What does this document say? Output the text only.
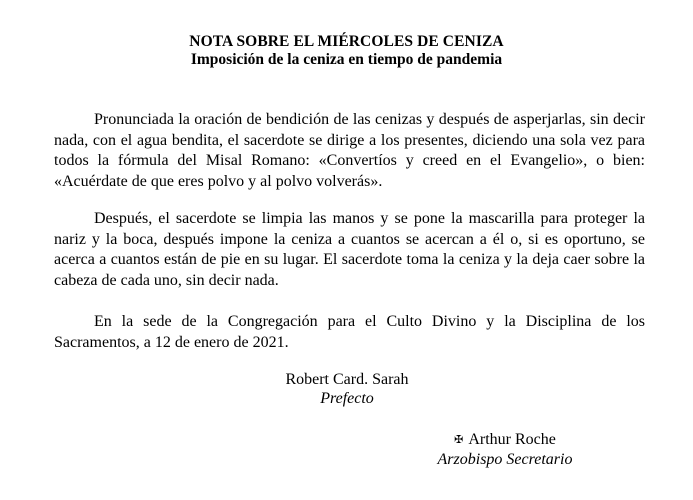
NOTA SOBRE EL MIÉRCOLES DE CENIZA
Imposición de la ceniza en tiempo de pandemia

Pronunciada la oración de bendición de las cenizas y después de asperjarlas, sin decir nada, con el agua bendita, el sacerdote se dirige a los presentes, diciendo una sola vez para todos la fórmula del Misal Romano: «Convertíos y creed en el Evangelio», o bien: «Acuérdate de que eres polvo y al polvo volverás».

Después, el sacerdote se limpia las manos y se pone la mascarilla para proteger la nariz y la boca, después impone la ceniza a cuantos se acercan a él o, si es oportuno, se acerca a cuantos están de pie en su lugar. El sacerdote toma la ceniza y la deja caer sobre la cabeza de cada uno, sin decir nada.

En la sede de la Congregación para el Culto Divino y la Disciplina de los Sacramentos, a 12 de enero de 2021.

Robert Card. Sarah
Prefecto
✠ Arthur Roche
Arzobispo Secretario
